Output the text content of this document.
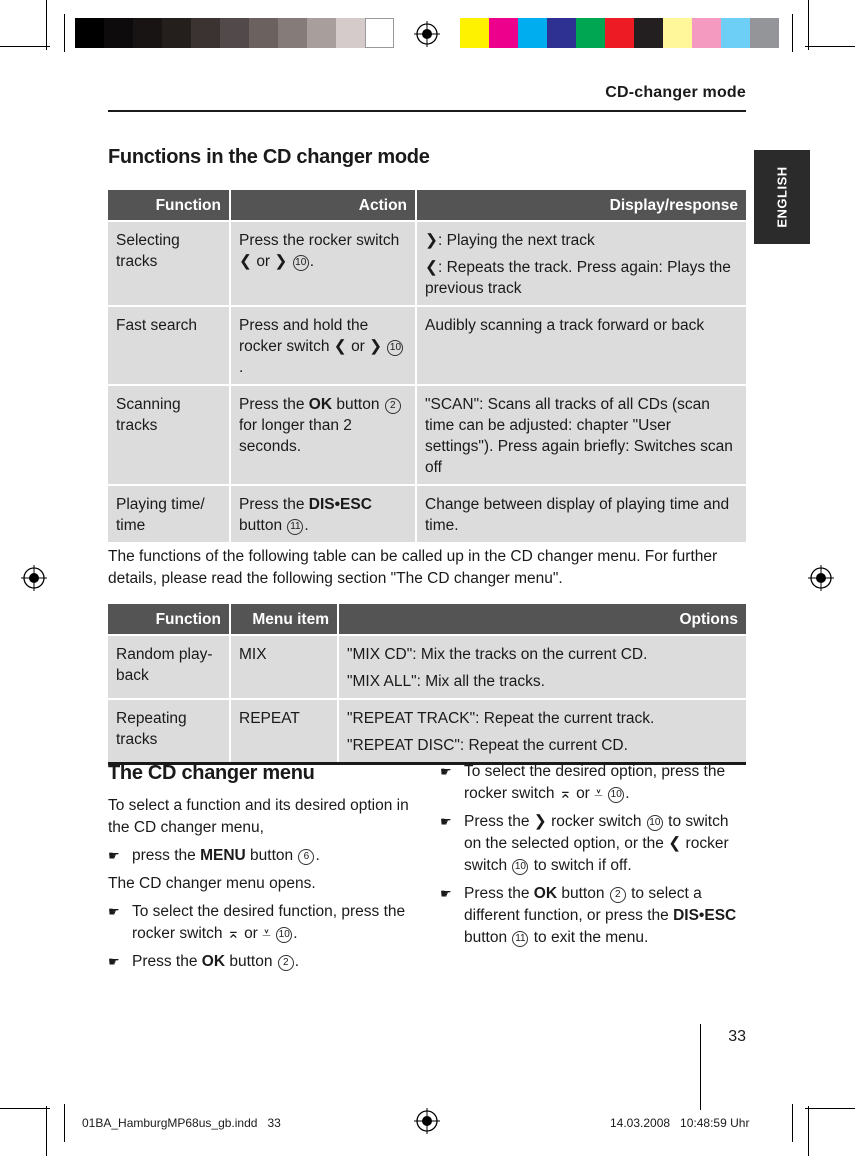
CD-changer mode
ENGLISH
Functions in the CD changer mode
Function	Action	Display/response
Selecting tracks	Press the rocker switch ❮ or ❯ 10 .	❯: Playing the next track

❮: Repeats the track. Press again: Plays the previous track

Fast search	Press and hold the rocker switch ❮ or ❯ 10.	Audibly scanning a track forward or back
Scanning tracks	Press the OK button 2 for longer than 2 seconds.	"SCAN": Scans all tracks of all CDs (scan time can be adjusted: chapter "User settings"). Press again briefly: Switches scan off
Playing time/ time	Press the DIS•ESC button 11 .	Change between display of playing time and time.
The functions of the following table can be called up in the CD changer menu. For further details, please read the following section "The CD changer menu".
Function	Menu item	Options
Random play-back	MIX	"MIX CD": Mix the tracks on the current CD.

"MIX ALL": Mix all the tracks.

Repeating tracks	REPEAT	"REPEAT TRACK": Repeat the current track.

"REPEAT DISC": Repeat the current CD.

The CD changer menu

To select a function and its desired option in the CD changer menu,

☛ press the MENU button 6 .

The CD changer menu opens.

☛ To select the desired function, press the rocker switch ⌅ or ⩡ 10 .
☛ Press the OK button 2 .
☛ To select the desired option, press the rocker switch ⌅ or ⩡ 10 .
☛ Press the ❯ rocker switch 10 to switch on the selected option, or the ❮ rocker switch 10 to switch if off.
☛ Press the OK button 2 to select a different function, or press the DIS•ESC button 11 to exit the menu.
33
01BA_HamburgMP68us_gb.indd   33	14.03.2008   10:48:59 Uhr
